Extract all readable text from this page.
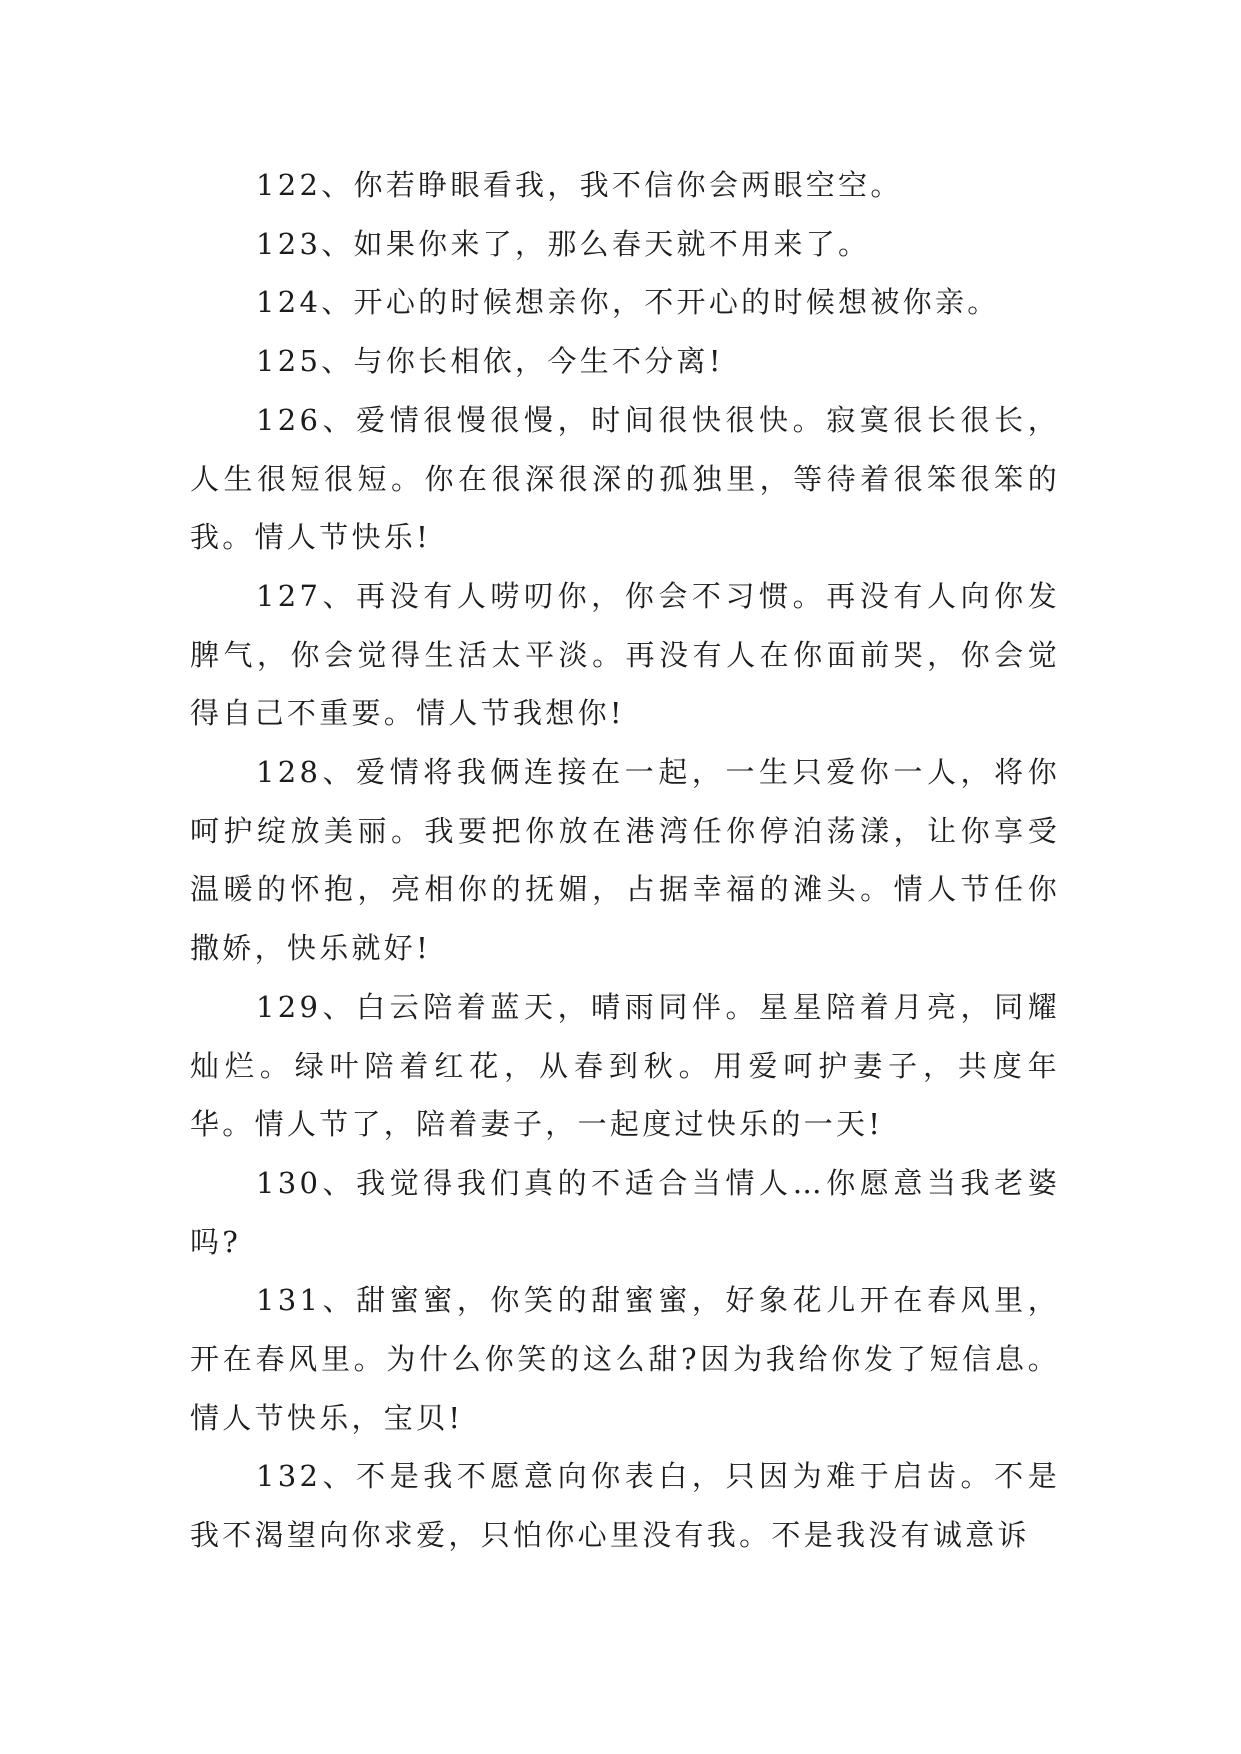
122、你若睁眼看我，我不信你会两眼空空。

123、如果你来了，那么春天就不用来了。

124、开心的时候想亲你，不开心的时候想被你亲。

125、与你长相依，今生不分离!

126、爱情很慢很慢，时间很快很快。寂寞很长很长，人生很短很短。你在很深很深的孤独里，等待着很笨很笨的我。情人节快乐!

127、再没有人唠叨你，你会不习惯。再没有人向你发脾气，你会觉得生活太平淡。再没有人在你面前哭，你会觉得自己不重要。情人节我想你!

128、爱情将我俩连接在一起，一生只爱你一人，将你呵护绽放美丽。我要把你放在港湾任你停泊荡漾，让你享受温暖的怀抱，亮相你的抚媚，占据幸福的滩头。情人节任你撒娇，快乐就好!

129、白云陪着蓝天，晴雨同伴。星星陪着月亮，同耀灿烂。绿叶陪着红花，从春到秋。用爱呵护妻子，共度年华。情人节了，陪着妻子，一起度过快乐的一天!

130、我觉得我们真的不适合当情人…你愿意当我老婆吗?

131、甜蜜蜜，你笑的甜蜜蜜，好象花儿开在春风里，开在春风里。为什么你笑的这么甜?因为我给你发了短信息。情人节快乐，宝贝!

132、不是我不愿意向你表白，只因为难于启齿。不是我不渴望向你求爱，只怕你心里没有我。不是我没有诚意诉
